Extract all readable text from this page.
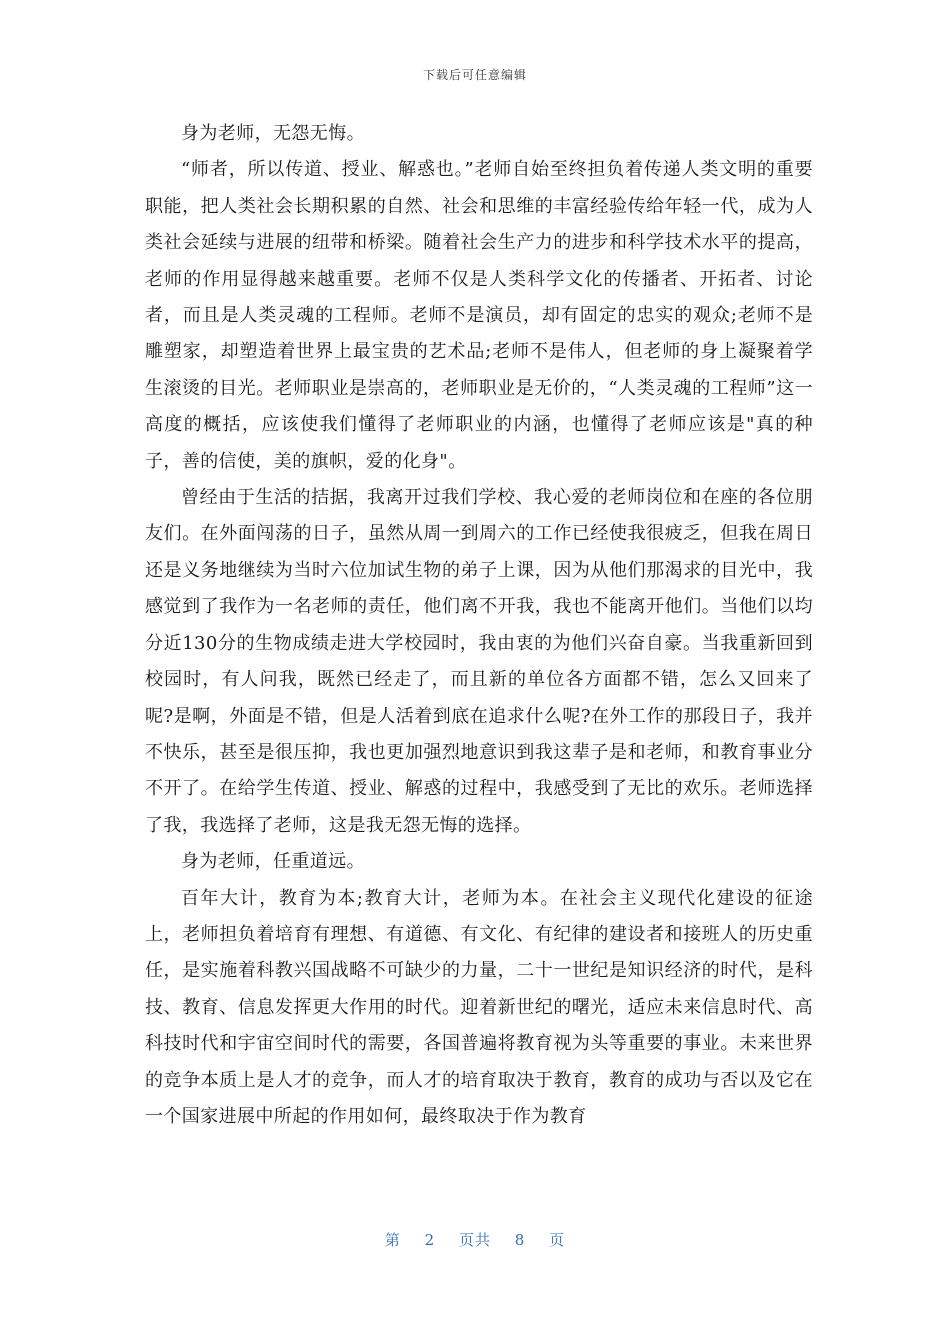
下载后可任意编辑

身为老师，无怨无悔。

“师者，所以传道、授业、解惑也。”老师自始至终担负着传递人类文明的重要职能，把人类社会长期积累的自然、社会和思维的丰富经验传给年轻一代，成为人类社会延续与进展的纽带和桥梁。随着社会生产力的进步和科学技术水平的提高，老师的作用显得越来越重要。老师不仅是人类科学文化的传播者、开拓者、讨论者，而且是人类灵魂的工程师。老师不是演员，却有固定的忠实的观众;老师不是雕塑家，却塑造着世界上最宝贵的艺术品;老师不是伟人，但老师的身上凝聚着学生滚烫的目光。老师职业是崇高的，老师职业是无价的，“人类灵魂的工程师”这一高度的概括，应该使我们懂得了老师职业的内涵，也懂得了老师应该是"真的种子，善的信使，美的旗帜，爱的化身"。

曾经由于生活的拮据，我离开过我们学校、我心爱的老师岗位和在座的各位朋友们。在外面闯荡的日子，虽然从周一到周六的工作已经使我很疲乏，但我在周日还是义务地继续为当时六位加试生物的弟子上课，因为从他们那渴求的目光中，我感觉到了我作为一名老师的责任，他们离不开我，我也不能离开他们。当他们以均分近130分的生物成绩走进大学校园时，我由衷的为他们兴奋自豪。当我重新回到校园时，有人问我，既然已经走了，而且新的单位各方面都不错，怎么又回来了呢?是啊，外面是不错，但是人活着到底在追求什么呢?在外工作的那段日子，我并不快乐，甚至是很压抑，我也更加强烈地意识到我这辈子是和老师，和教育事业分不开了。在给学生传道、授业、解惑的过程中，我感受到了无比的欢乐。老师选择了我，我选择了老师，这是我无怨无悔的选择。

身为老师，任重道远。

百年大计，教育为本;教育大计，老师为本。在社会主义现代化建设的征途上，老师担负着培育有理想、有道德、有文化、有纪律的建设者和接班人的历史重任，是实施着科教兴国战略不可缺少的力量，二十一世纪是知识经济的时代，是科技、教育、信息发挥更大作用的时代。迎着新世纪的曙光，适应未来信息时代、高科技时代和宇宙空间时代的需要，各国普遍将教育视为头等重要的事业。未来世界的竞争本质上是人才的竞争，而人才的培育取决于教育，教育的成功与否以及它在一个国家进展中所起的作用如何，最终取决于作为教育

第 2 页共 8 页
